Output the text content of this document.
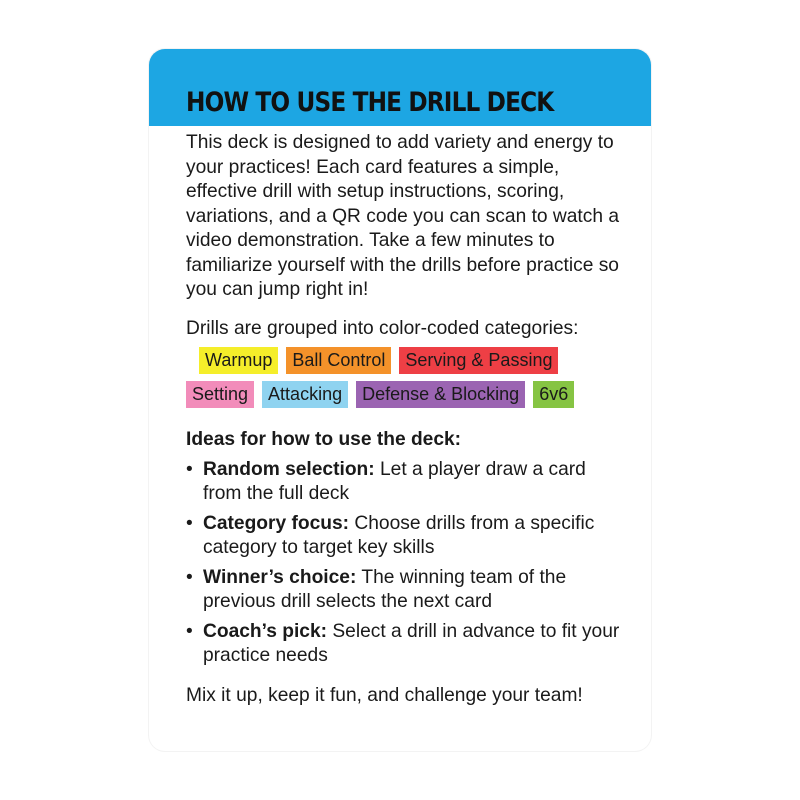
HOW TO USE THE DRILL DECK

This deck is designed to add variety and energy to your practices! Each card features a simple, effective drill with setup instructions, scoring, variations, and a QR code you can scan to watch a video demonstration. Take a few minutes to familiarize yourself with the drills before practice so you can jump right in!

Drills are grouped into color-coded categories:

Warmup	Ball Control	Serving & Passing
Setting	Attacking	Defense & Blocking	6v6

Ideas for how to use the deck:

• Random selection: Let a player draw a card from the full deck
• Category focus: Choose drills from a specific category to target key skills
• Winner’s choice: The winning team of the previous drill selects the next card
• Coach’s pick: Select a drill in advance to fit your practice needs

Mix it up, keep it fun, and challenge your team!
